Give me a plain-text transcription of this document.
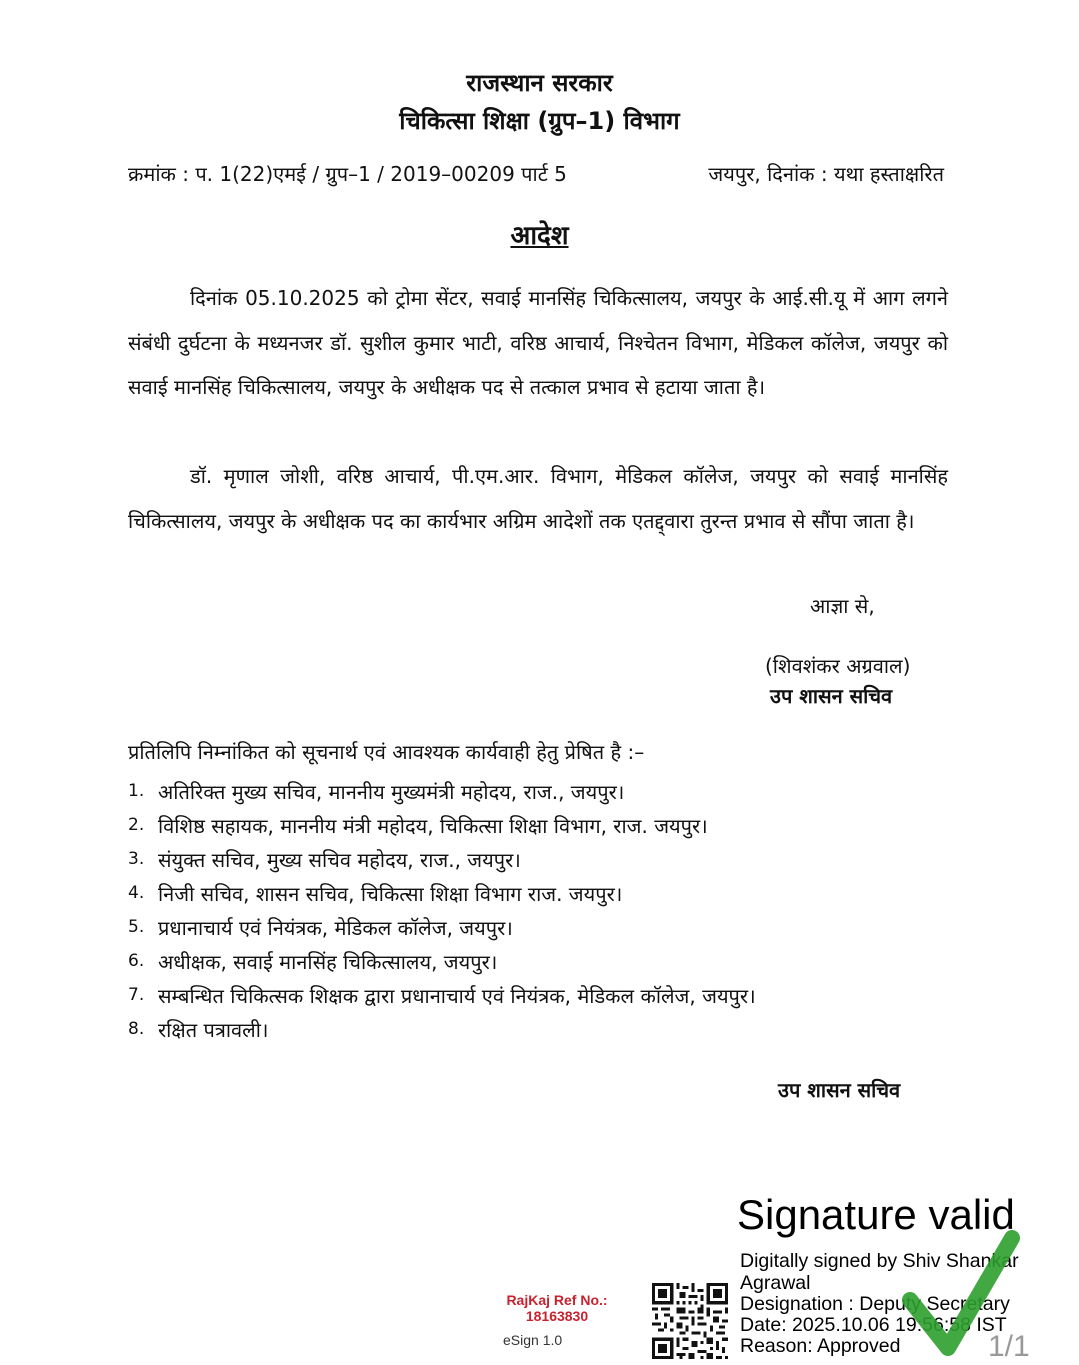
राजस्थान सरकार
चिकित्सा शिक्षा (ग्रुप–1) विभाग
क्रमांक : प. 1(22)एमई / ग्रुप–1 / 2019–00209 पार्ट 5	जयपुर, दिनांक : यथा हस्ताक्षरित
आदेश

दिनांक 05.10.2025 को ट्रोमा सेंटर, सवाई मानसिंह चिकित्सालय, जयपुर के आई.सी.यू में आग लगने संबंधी दुर्घटना के मध्यनजर डॉ. सुशील कुमार भाटी, वरिष्ठ आचार्य, निश्चेतन विभाग, मेडिकल कॉलेज, जयपुर को सवाई मानसिंह चिकित्सालय, जयपुर के अधीक्षक पद से तत्काल प्रभाव से हटाया जाता है।

डॉ. मृणाल जोशी, वरिष्ठ आचार्य, पी.एम.आर. विभाग, मेडिकल कॉलेज, जयपुर को सवाई मानसिंह चिकित्सालय, जयपुर के अधीक्षक पद का कार्यभार अग्रिम आदेशों तक एतद्द्वारा तुरन्त प्रभाव से सौंपा जाता है।

आज्ञा से,
(शिवशंकर अग्रवाल)
उप शासन सचिव
प्रतिलिपि निम्नांकित को सूचनार्थ एवं आवश्यक कार्यवाही हेतु प्रेषित है :–
1. अतिरिक्त मुख्य सचिव, माननीय मुख्यमंत्री महोदय, राज., जयपुर।
2. विशिष्ठ सहायक, माननीय मंत्री महोदय, चिकित्सा शिक्षा विभाग, राज. जयपुर।
3. संयुक्त सचिव, मुख्य सचिव महोदय, राज., जयपुर।
4. निजी सचिव, शासन सचिव, चिकित्सा शिक्षा विभाग राज. जयपुर।
5. प्रधानाचार्य एवं नियंत्रक, मेडिकल कॉलेज, जयपुर।
6. अधीक्षक, सवाई मानसिंह चिकित्सालय, जयपुर।
7. सम्बन्धित चिकित्सक शिक्षक द्वारा प्रधानाचार्य एवं नियंत्रक, मेडिकल कॉलेज, जयपुर।
8. रक्षित पत्रावली।
उप शासन सचिव
RajKaj Ref No.:
18163830
eSign 1.0
Signature valid
Digitally signed by Shiv Shankar
Agrawal
Designation : Deputy Secretary
Date: 2025.10.06 19:56:58 IST
Reason: Approved	1/1
